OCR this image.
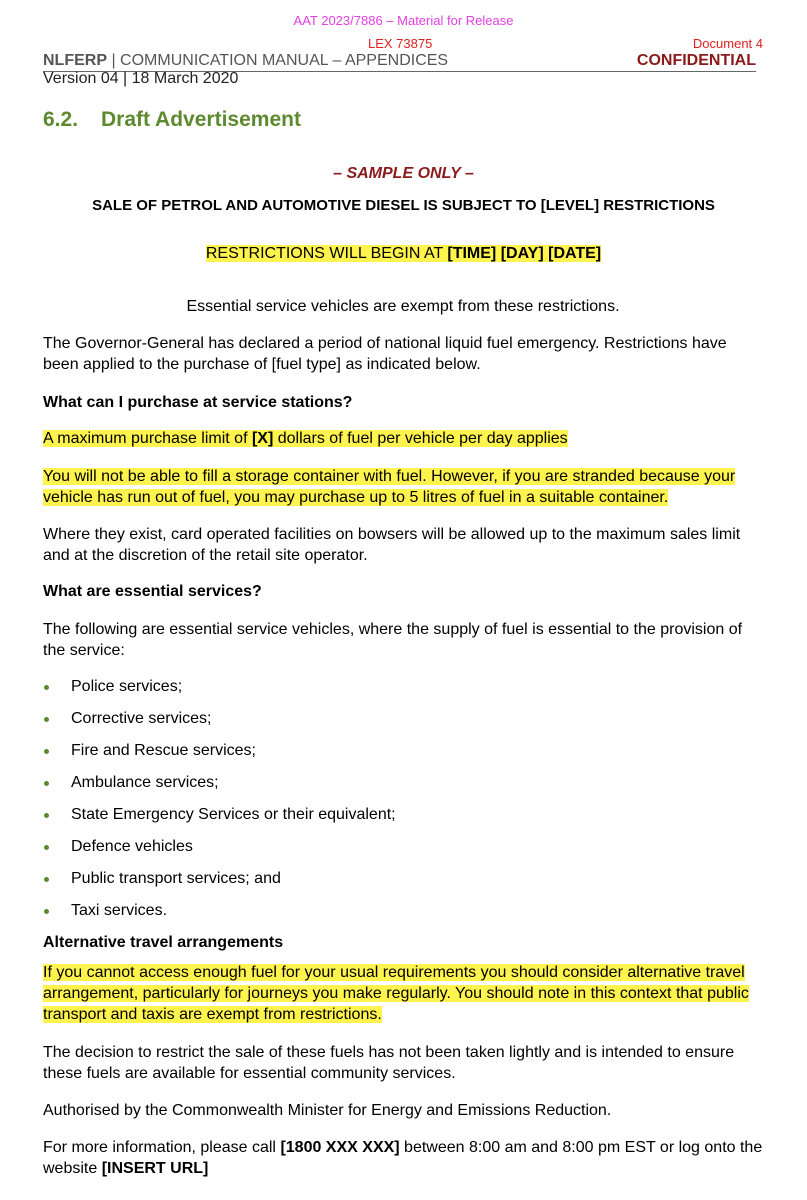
AAT 2023/7886 – Material for Release
LEX 73875	Document 4
NLFERP | COMMUNICATION MANUAL – APPENDICES	CONFIDENTIAL
Version 04 | 18 March 2020
6.2. Draft Advertisement
– SAMPLE ONLY –
SALE OF PETROL AND AUTOMOTIVE DIESEL IS SUBJECT TO [LEVEL] RESTRICTIONS
RESTRICTIONS WILL BEGIN AT [TIME] [DAY] [DATE]
Essential service vehicles are exempt from these restrictions.
The Governor-General has declared a period of national liquid fuel emergency. Restrictions have been applied to the purchase of [fuel type] as indicated below.
What can I purchase at service stations?
A maximum purchase limit of [X] dollars of fuel per vehicle per day applies
You will not be able to fill a storage container with fuel. However, if you are stranded because your vehicle has run out of fuel, you may purchase up to 5 litres of fuel in a suitable container.
Where they exist, card operated facilities on bowsers will be allowed up to the maximum sales limit and at the discretion of the retail site operator.
What are essential services?
The following are essential service vehicles, where the supply of fuel is essential to the provision of the service:
Police services;
Corrective services;
Fire and Rescue services;
Ambulance services;
State Emergency Services or their equivalent;
Defence vehicles
Public transport services; and
Taxi services.
Alternative travel arrangements
If you cannot access enough fuel for your usual requirements you should consider alternative travel arrangement, particularly for journeys you make regularly. You should note in this context that public transport and taxis are exempt from restrictions.
The decision to restrict the sale of these fuels has not been taken lightly and is intended to ensure these fuels are available for essential community services.
Authorised by the Commonwealth Minister for Energy and Emissions Reduction.
For more information, please call [1800 XXX XXX] between 8:00 am and 8:00 pm EST or log onto the website [INSERT URL]
